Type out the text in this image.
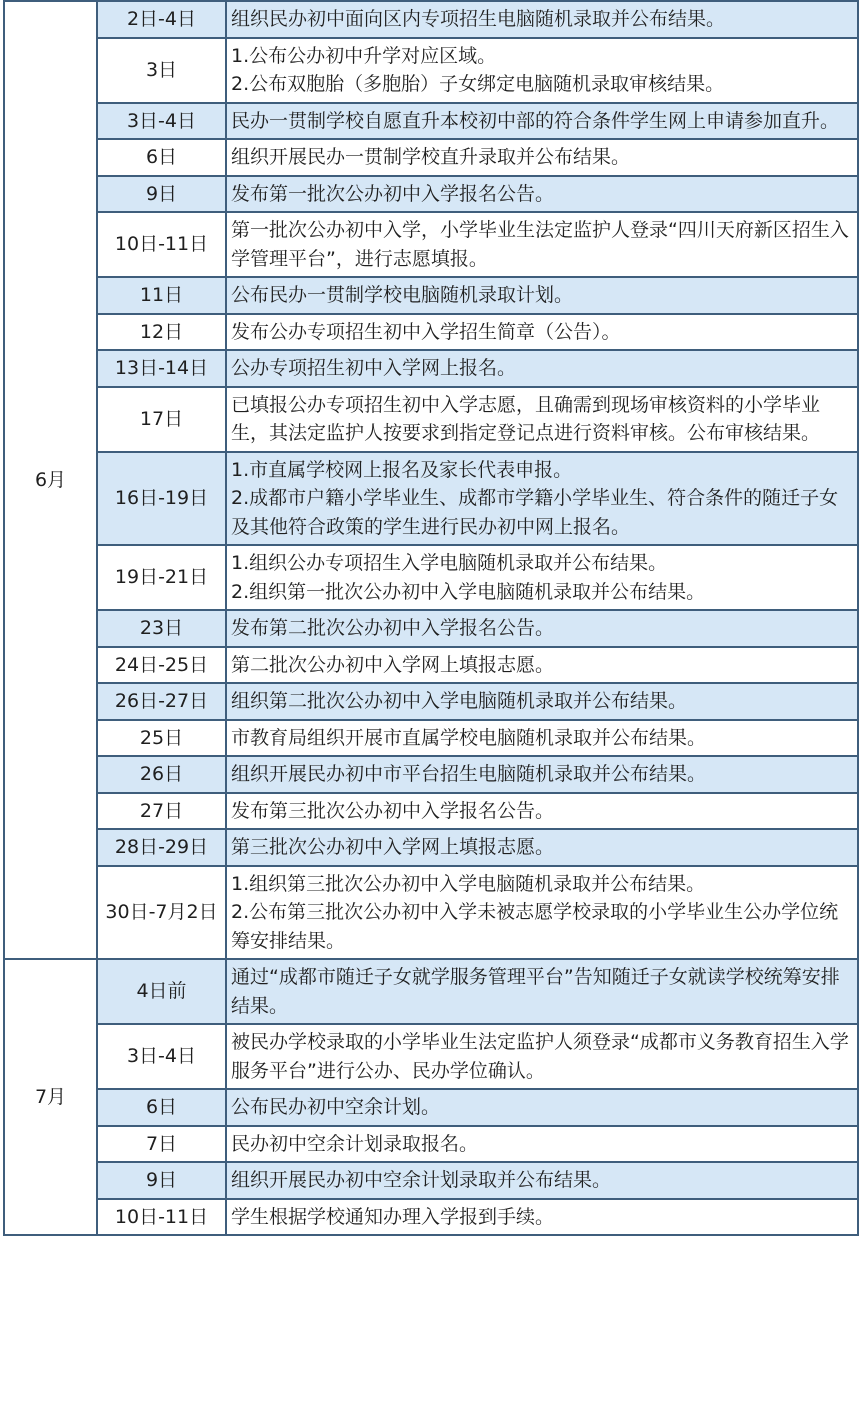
6月	2日-4日	组织民办初中面向区内专项招生电脑随机录取并公布结果。

	3日	1.公布公办初中升学对应区域。
2.公布双胞胎（多胞胎）子女绑定电脑随机录取审核结果。

	3日-4日	民办一贯制学校自愿直升本校初中部的符合条件学生网上申请参加直升。

	6日	组织开展民办一贯制学校直升录取并公布结果。

	9日	发布第一批次公办初中入学报名公告。

	10日-11日	第一批次公办初中入学，小学毕业生法定监护人登录“四川天府新区招生入学管理平台”，进行志愿填报。

	11日	公布民办一贯制学校电脑随机录取计划。

	12日	发布公办专项招生初中入学招生简章（公告）。

	13日-14日	公办专项招生初中入学网上报名。

	17日	已填报公办专项招生初中入学志愿，且确需到现场审核资料的小学毕业生，其法定监护人按要求到指定登记点进行资料审核。公布审核结果。

	16日-19日	1.市直属学校网上报名及家长代表申报。
2.成都市户籍小学毕业生、成都市学籍小学毕业生、符合条件的随迁子女及其他符合政策的学生进行民办初中网上报名。

	19日-21日	1.组织公办专项招生入学电脑随机录取并公布结果。
2.组织第一批次公办初中入学电脑随机录取并公布结果。

	23日	发布第二批次公办初中入学报名公告。

	24日-25日	第二批次公办初中入学网上填报志愿。

	26日-27日	组织第二批次公办初中入学电脑随机录取并公布结果。

	25日	市教育局组织开展市直属学校电脑随机录取并公布结果。

	26日	组织开展民办初中市平台招生电脑随机录取并公布结果。

	27日	发布第三批次公办初中入学报名公告。

	28日-29日	第三批次公办初中入学网上填报志愿。

	30日-7月2日	1.组织第三批次公办初中入学电脑随机录取并公布结果。
2.公布第三批次公办初中入学未被志愿学校录取的小学毕业生公办学位统筹安排结果。

7月	4日前	通过“成都市随迁子女就学服务管理平台”告知随迁子女就读学校统筹安排结果。

	3日-4日	被民办学校录取的小学毕业生法定监护人须登录“成都市义务教育招生入学服务平台”进行公办、民办学位确认。

	6日	公布民办初中空余计划。

	7日	民办初中空余计划录取报名。

	9日	组织开展民办初中空余计划录取并公布结果。

	10日-11日	学生根据学校通知办理入学报到手续。
